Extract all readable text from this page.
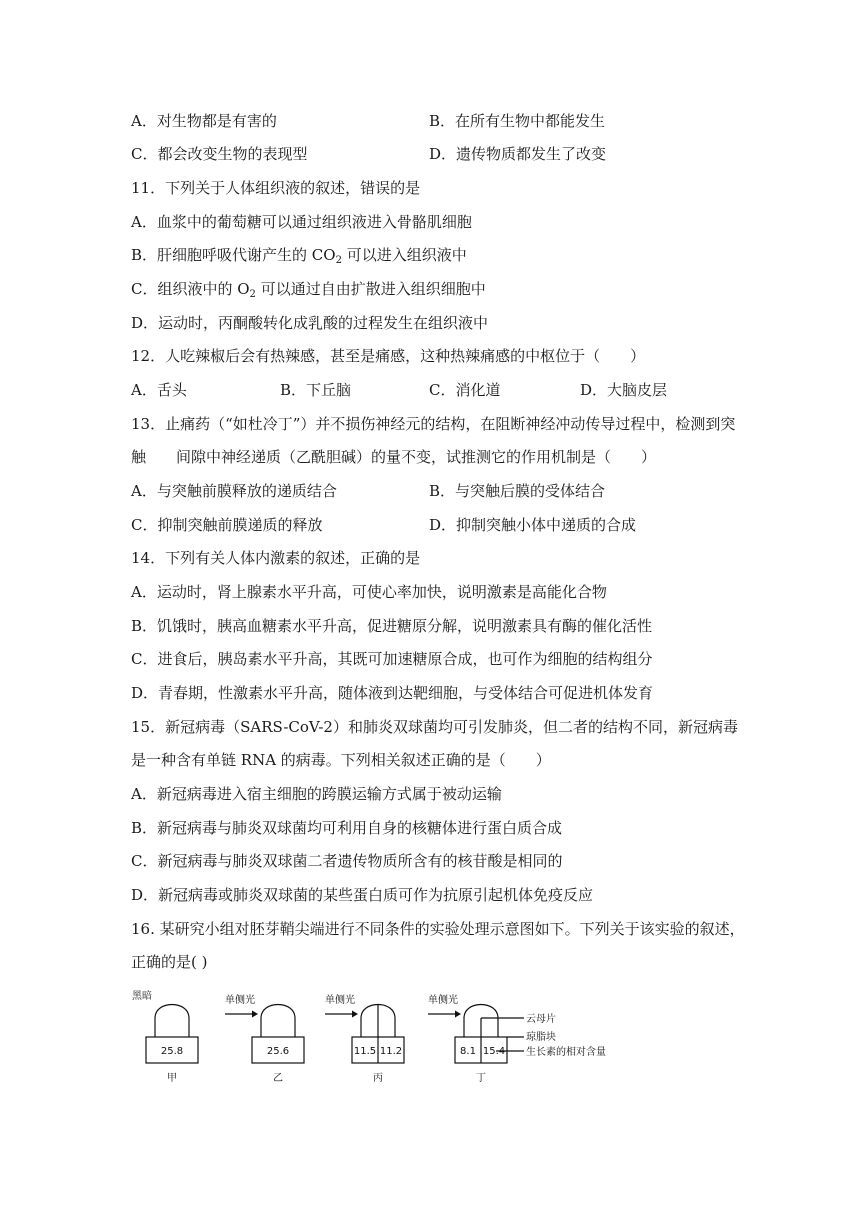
A．对生物都是有害的	B．在所有生物中都能发生
C．都会改变生物的表现型	D．遗传物质都发生了改变
11．下列关于人体组织液的叙述，错误的是
A．血浆中的葡萄糖可以通过组织液进入骨骼肌细胞
B．肝细胞呼吸代谢产生的 $CO_2$ 可以进入组织液中
C．组织液中的 $O_2$ 可以通过自由扩散进入组织细胞中
D．运动时，丙酮酸转化成乳酸的过程发生在组织液中
12．人吃辣椒后会有热辣感，甚至是痛感，这种热辣痛感的中枢位于（　　）
A．舌头	B．下丘脑	C．消化道	D．大脑皮层
13．止痛药（“如杜冷丁”）并不损伤神经元的结构，在阻断神经冲动传导过程中，检测到突
触　　间隙中神经递质（乙酰胆碱）的量不变，试推测它的作用机制是（　　）
A．与突触前膜释放的递质结合	B．与突触后膜的受体结合
C．抑制突触前膜递质的释放	D．抑制突触小体中递质的合成
14．下列有关人体内激素的叙述，正确的是
A．运动时，肾上腺素水平升高，可使心率加快，说明激素是高能化合物
B．饥饿时，胰高血糖素水平升高，促进糖原分解，说明激素具有酶的催化活性
C．进食后，胰岛素水平升高，其既可加速糖原合成，也可作为细胞的结构组分
D．青春期，性激素水平升高，随体液到达靶细胞，与受体结合可促进机体发育
15．新冠病毒（SARS-CoV-2）和肺炎双球菌均可引发肺炎，但二者的结构不同，新冠病毒
是一种含有单链 RNA 的病毒。下列相关叙述正确的是（　　）
A．新冠病毒进入宿主细胞的跨膜运输方式属于被动运输
B．新冠病毒与肺炎双球菌均可利用自身的核糖体进行蛋白质合成
C．新冠病毒与肺炎双球菌二者遗传物质所含有的核苷酸是相同的
D．新冠病毒或肺炎双球菌的某些蛋白质可作为抗原引起机体免疫反应
16. 某研究小组对胚芽鞘尖端进行不同条件的实验处理示意图如下。下列关于该实验的叙述，
正确的是( )
黑暗	单侧光	单侧光	单侧光
25.8	25.6	11.5 11.2	8.1 15.4
甲	乙	丙	丁
云母片
琼脂块
生长素的相对含量
